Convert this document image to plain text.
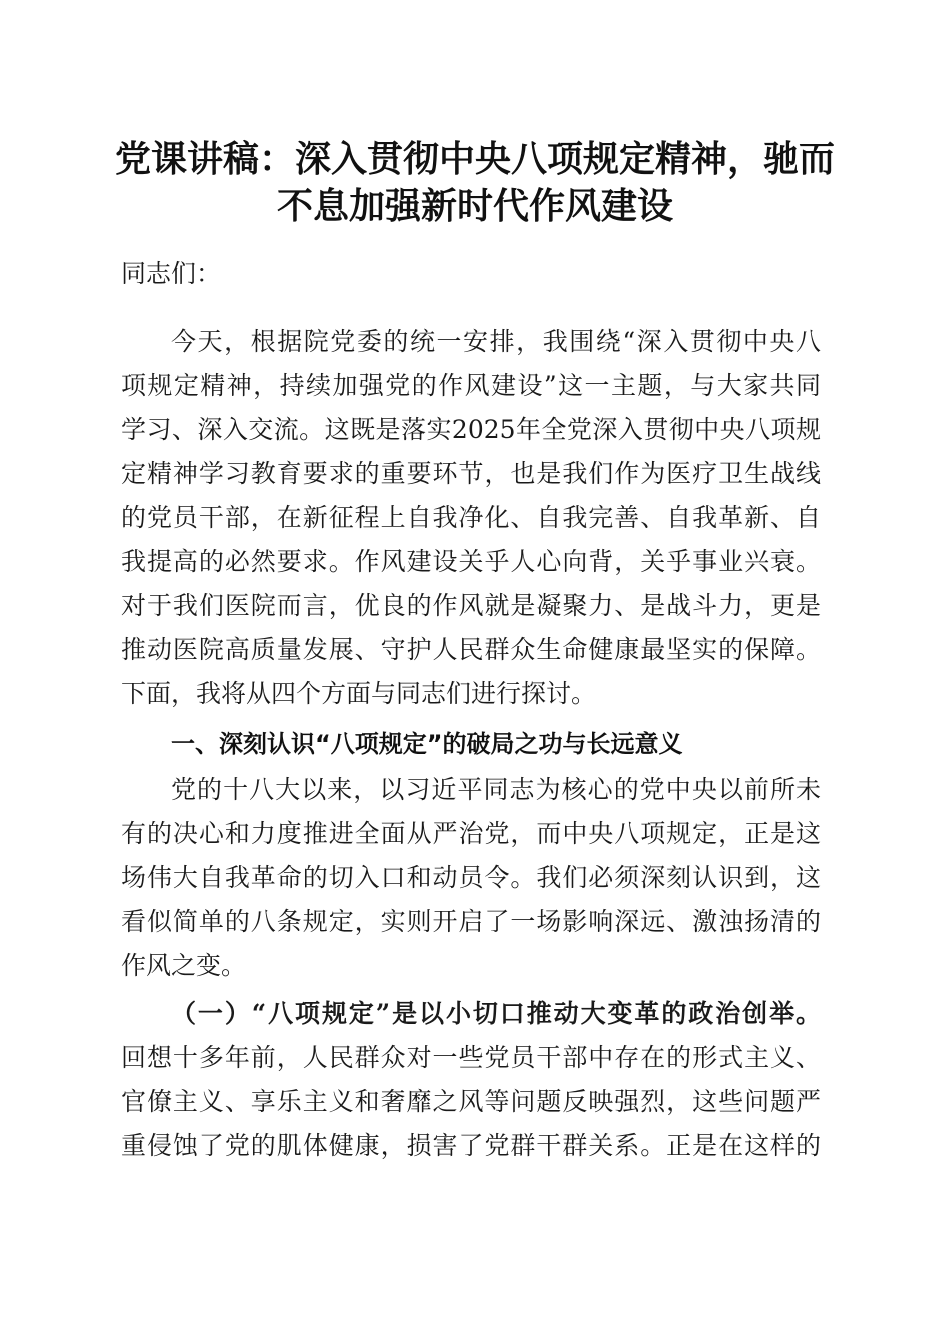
党课讲稿：深入贯彻中央八项规定精神，驰而
不息加强新时代作风建设
同志们：
今天，根据院党委的统一安排，我围绕“深入贯彻中央八
项规定精神，持续加强党的作风建设”这一主题，与大家共同
学习、深入交流。这既是落实2025年全党深入贯彻中央八项规
定精神学习教育要求的重要环节，也是我们作为医疗卫生战线
的党员干部，在新征程上自我净化、自我完善、自我革新、自
我提高的必然要求。作风建设关乎人心向背，关乎事业兴衰。
对于我们医院而言，优良的作风就是凝聚力、是战斗力，更是
推动医院高质量发展、守护人民群众生命健康最坚实的保障。
下面，我将从四个方面与同志们进行探讨。
一、深刻认识“八项规定”的破局之功与长远意义
党的十八大以来，以习近平同志为核心的党中央以前所未
有的决心和力度推进全面从严治党，而中央八项规定，正是这
场伟大自我革命的切入口和动员令。我们必须深刻认识到，这
看似简单的八条规定，实则开启了一场影响深远、激浊扬清的
作风之变。
（一）“八项规定”是以小切口推动大变革的政治创举。
回想十多年前，人民群众对一些党员干部中存在的形式主义、
官僚主义、享乐主义和奢靡之风等问题反映强烈，这些问题严
重侵蚀了党的肌体健康，损害了党群干群关系。正是在这样的
